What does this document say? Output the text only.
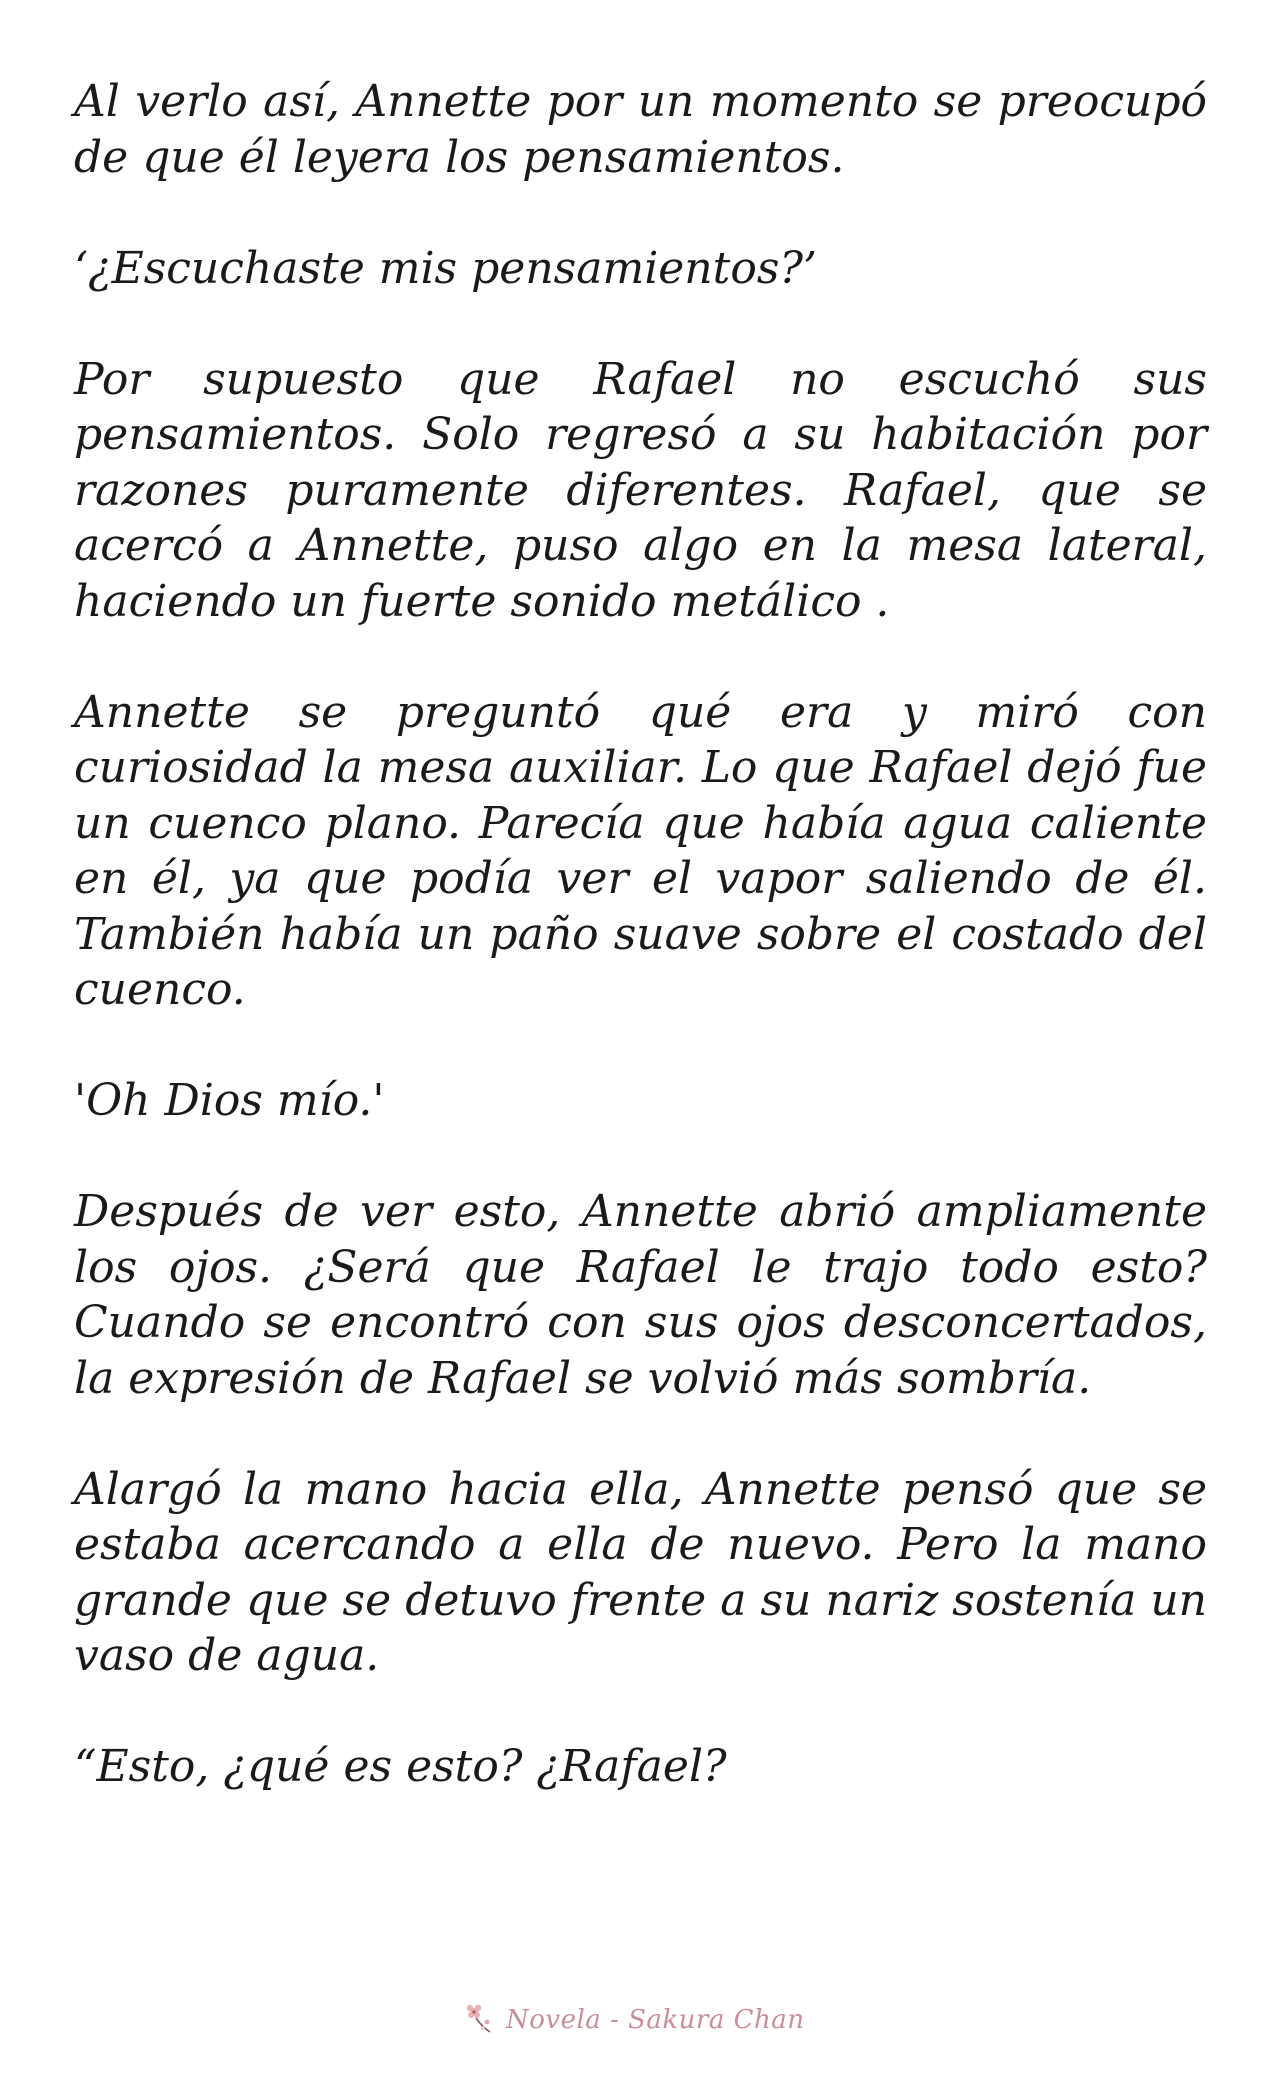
Al verlo así, Annette por un momento se preocupó de que él leyera los pensamientos.

‘¿Escuchaste mis pensamientos?’

Por supuesto que Rafael no escuchó sus pensamientos. Solo regresó a su habitación por razones puramente diferentes. Rafael, que se acercó a Annette, puso algo en la mesa lateral, haciendo un fuerte sonido metálico .

Annette se preguntó qué era y miró con curiosidad la mesa auxiliar. Lo que Rafael dejó fue un cuenco plano. Parecía que había agua caliente en él, ya que podía ver el vapor saliendo de él. También había un paño suave sobre el costado del cuenco.

'Oh Dios mío.'

Después de ver esto, Annette abrió ampliamente los ojos. ¿Será que Rafael le trajo todo esto? Cuando se encontró con sus ojos desconcertados, la expresión de Rafael se volvió más sombría.

Alargó la mano hacia ella, Annette pensó que se estaba acercando a ella de nuevo. Pero la mano grande que se detuvo frente a su nariz sostenía un vaso de agua.

“Esto, ¿qué es esto? ¿Rafael?

Novela - Sakura Chan
